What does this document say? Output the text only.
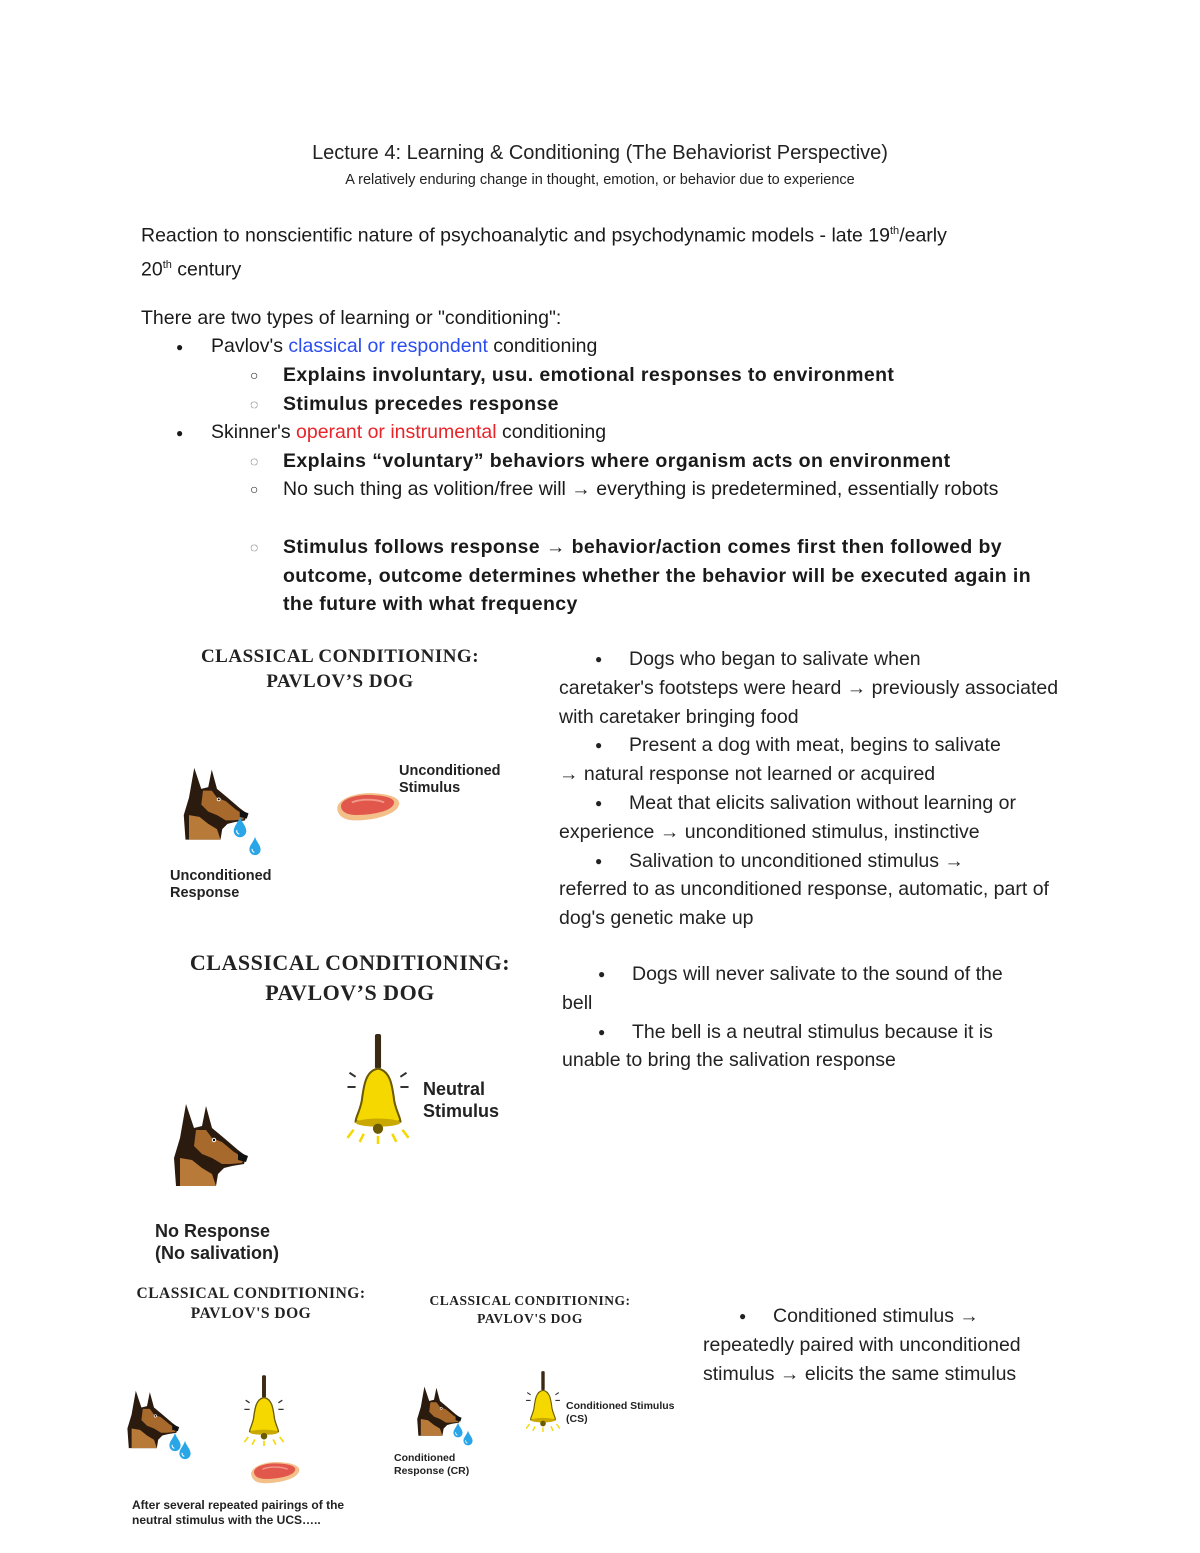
Lecture 4: Learning & Conditioning (The Behaviorist Perspective)
A relatively enduring change in thought, emotion, or behavior due to experience
Reaction to nonscientific nature of psychoanalytic and psychodynamic models - late 19th/early
20th century
There are two types of learning or "conditioning":
● Pavlov's classical or respondent conditioning
○ Explains involuntary, usu. emotional responses to environment
◌ Stimulus precedes response
● Skinner's operant or instrumental conditioning
◌ Explains “voluntary” behaviors where organism acts on environment
○ No such thing as volition/free will → everything is predetermined, essentially robots
◌ Stimulus follows response → behavior/action comes first then followed by outcome, outcome determines whether the behavior will be executed again in the future with what frequency
CLASSICAL CONDITIONING:
PAVLOV’S DOG
Unconditioned
Stimulus
Unconditioned
Response
● Dogs who began to salivate when
caretaker's footsteps were heard → previously associated with caretaker bringing food
● Present a dog with meat, begins to salivate
→ natural response not learned or acquired
● Meat that elicits salivation without learning or
experience → unconditioned stimulus, instinctive
● Salivation to unconditioned stimulus →
referred to as unconditioned response, automatic, part of dog's genetic make up
CLASSICAL CONDITIONING:
PAVLOV’S DOG
Neutral
Stimulus
No Response
(No salivation)
● Dogs will never salivate to the sound of the
bell
● The bell is a neutral stimulus because it is
unable to bring the salivation response
CLASSICAL CONDITIONING:
PAVLOV'S DOG
After several repeated pairings of the
neutral stimulus with the UCS…..
CLASSICAL CONDITIONING:
PAVLOV'S DOG
Conditioned Stimulus
(CS)
Conditioned
Response (CR)
● Conditioned stimulus →
repeatedly paired with unconditioned stimulus → elicits the same stimulus
